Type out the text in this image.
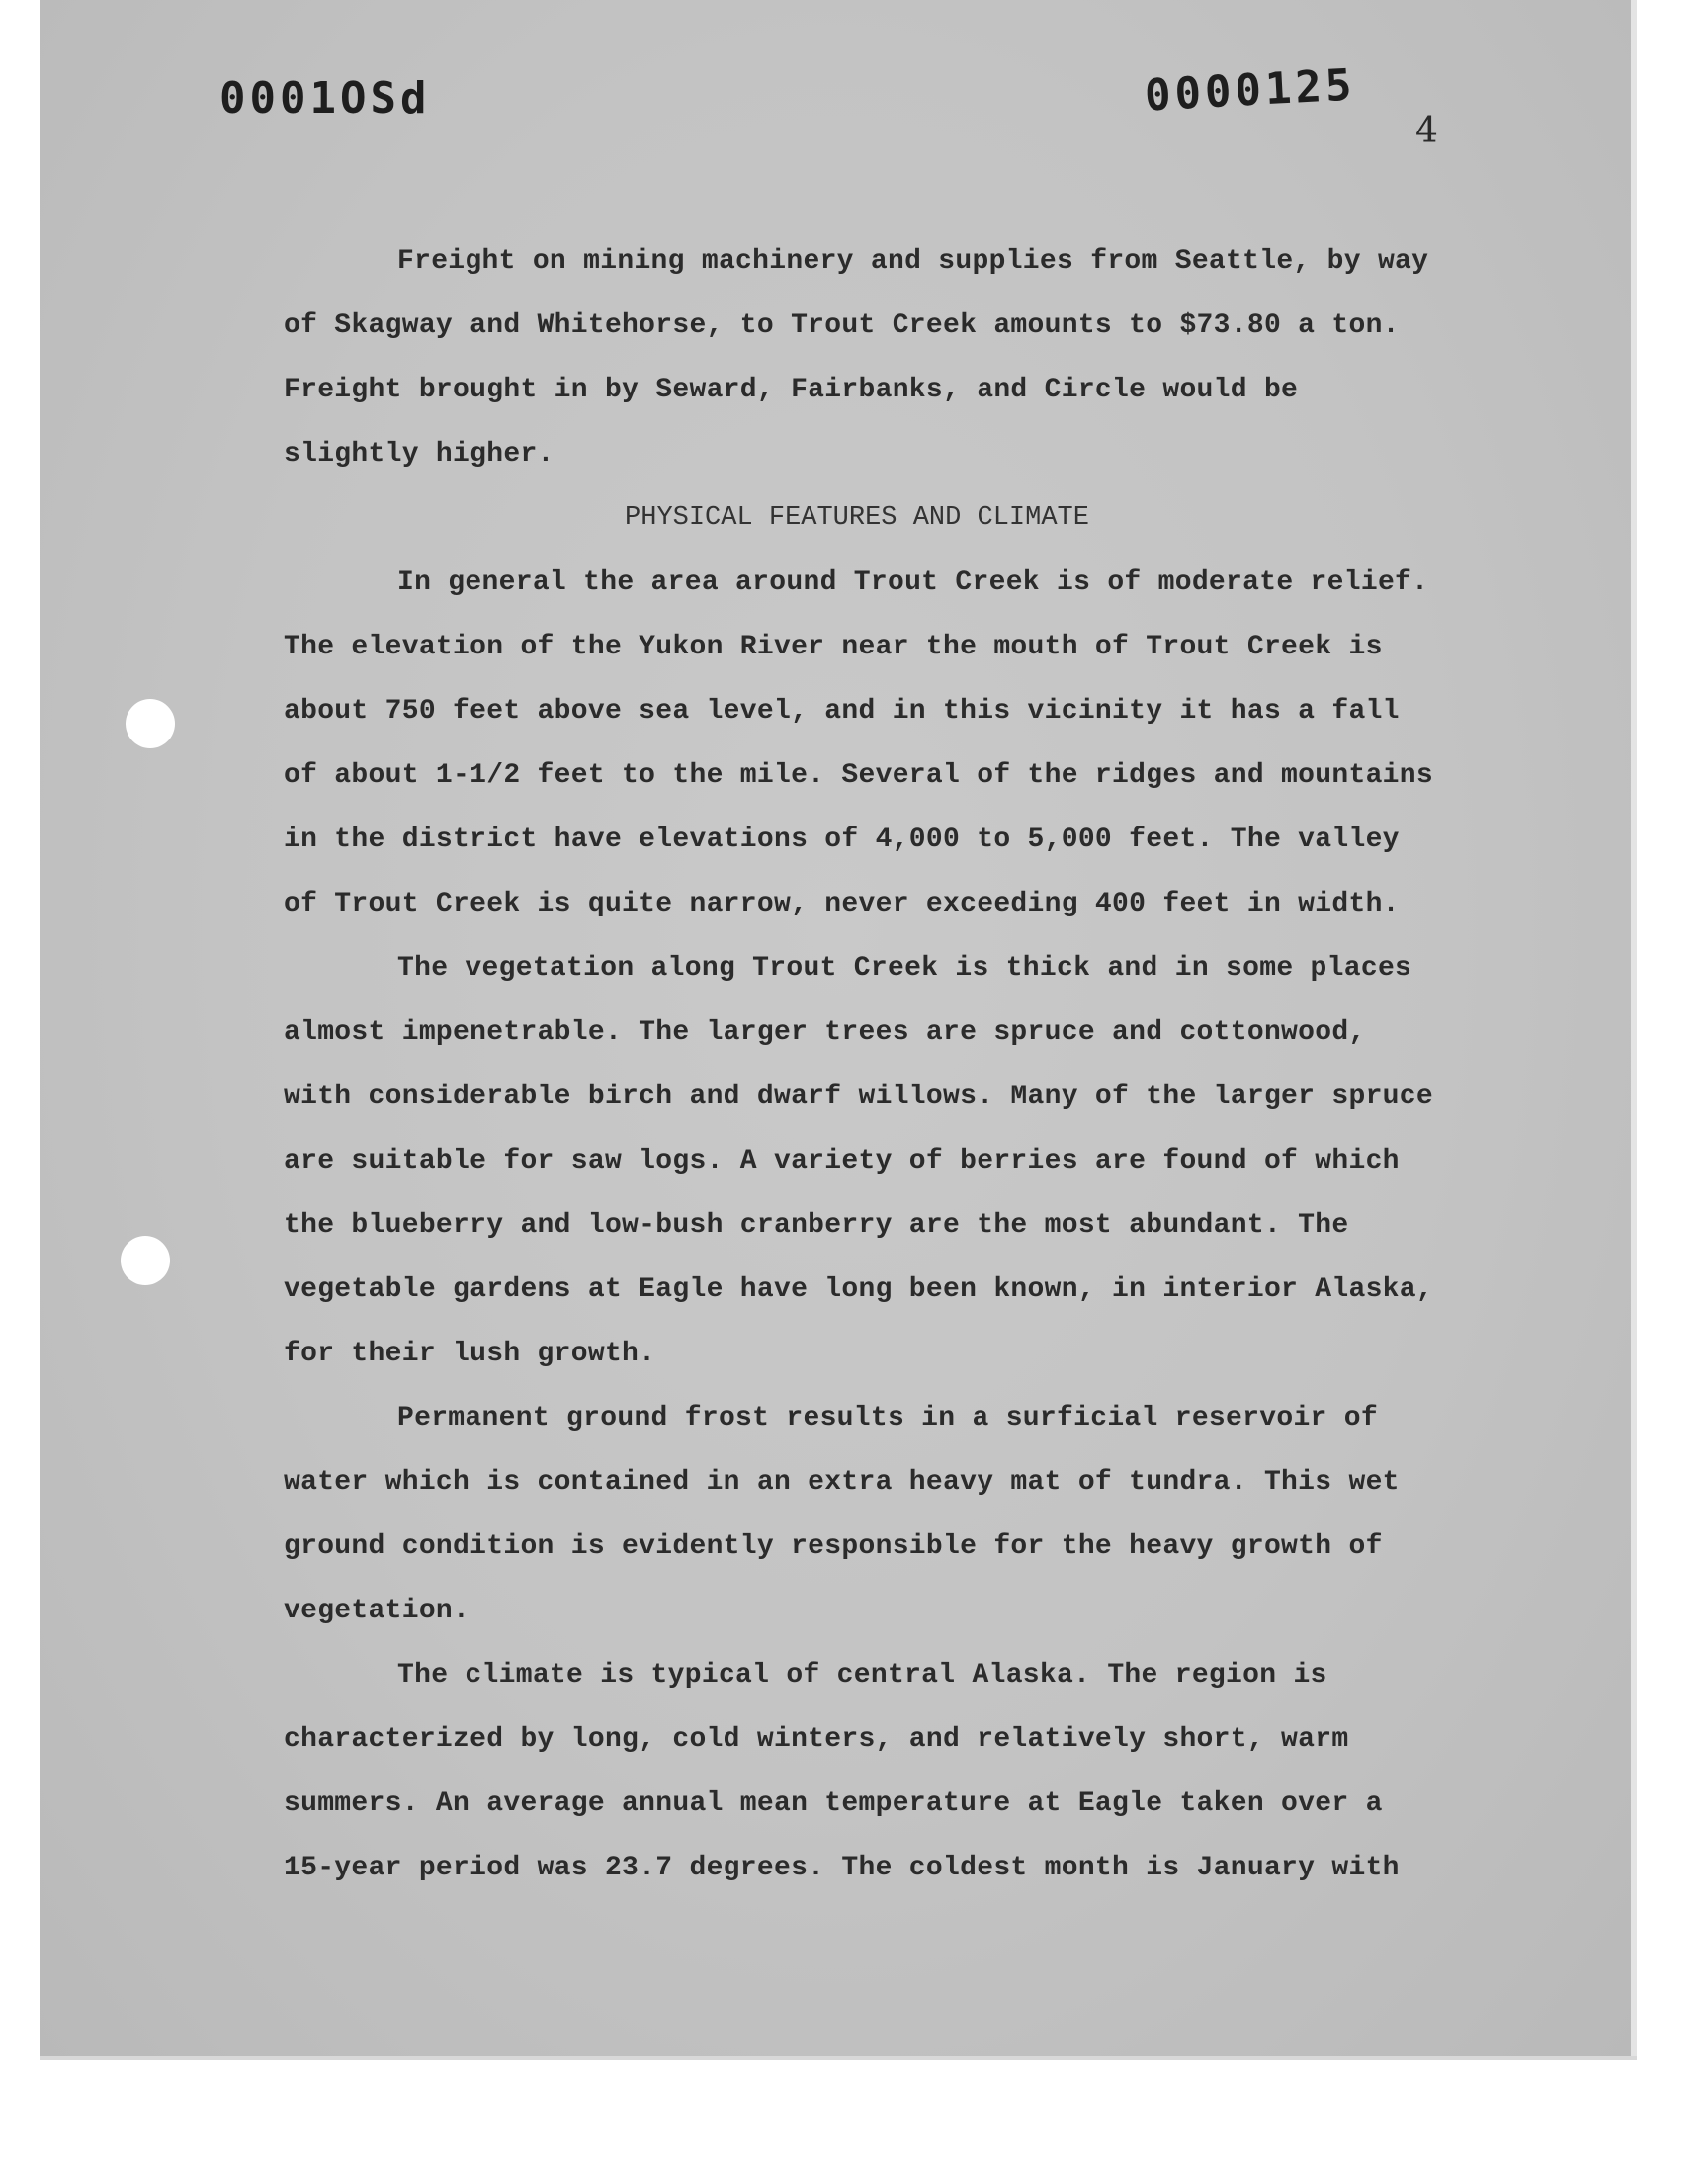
0001OSd	0000125
4

Freight on mining machinery and supplies from Seattle, by way of Skagway and Whitehorse, to Trout Creek amounts to $73.80 a ton. Freight brought in by Seward, Fairbanks, and Circle would be slightly higher.

PHYSICAL FEATURES AND CLIMATE

In general the area around Trout Creek is of moderate relief. The elevation of the Yukon River near the mouth of Trout Creek is about 750 feet above sea level, and in this vicinity it has a fall of about 1-1/2 feet to the mile. Several of the ridges and mountains in the district have elevations of 4,000 to 5,000 feet. The valley of Trout Creek is quite narrow, never exceeding 400 feet in width.

The vegetation along Trout Creek is thick and in some places almost impenetrable. The larger trees are spruce and cottonwood, with considerable birch and dwarf willows. Many of the larger spruce are suitable for saw logs. A variety of berries are found of which the blueberry and low-bush cranberry are the most abundant. The vegetable gardens at Eagle have long been known, in interior Alaska, for their lush growth.

Permanent ground frost results in a surficial reservoir of water which is contained in an extra heavy mat of tundra. This wet ground condition is evidently responsible for the heavy growth of vegetation.

The climate is typical of central Alaska. The region is characterized by long, cold winters, and relatively short, warm summers. An average annual mean temperature at Eagle taken over a 15-year period was 23.7 degrees. The coldest month is January with
